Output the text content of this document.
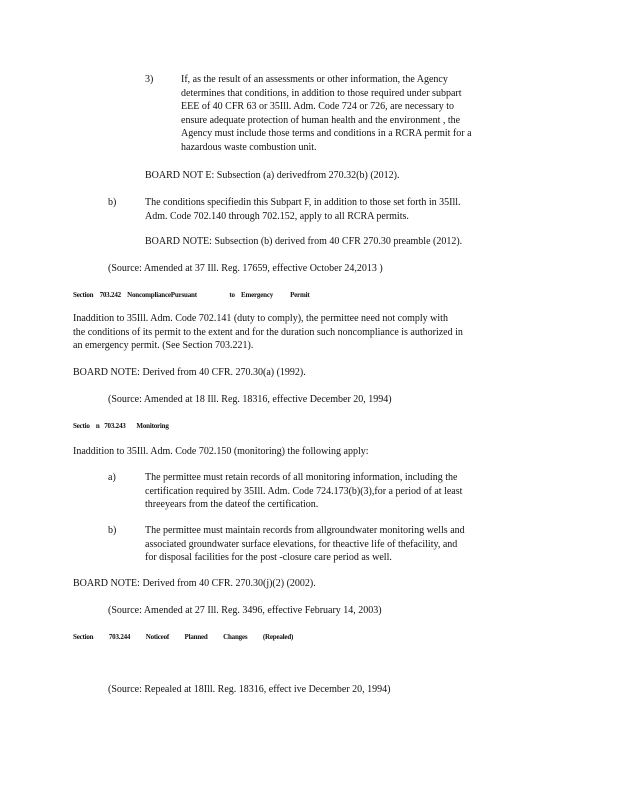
3)	If, as the result of an assessments or other information, the Agency
determines that conditions, in addition to those required under subpart
EEE of 40 CFR 63 or 35Ill. Adm. Code 724 or 726, are necessary to
ensure adequate protection of human health and the environment , the
Agency must include those terms and conditions in a RCRA permit for a
hazardous waste combustion unit.

BOARD NOT E: Subsection (a) derivedfrom 270.32(b) (2012).

b)	The conditions specifiedin this Subpart F, in addition to those set forth in 35Ill.
Adm. Code 702.140 through 702.152, apply to all RCRA permits.

BOARD NOTE: Subsection (b) derived from 40 CFR 270.30 preamble (2012).

(Source: Amended at 37 Ill. Reg. 17659, effective October 24,2013 )

Section    703.242    NoncompliancePursuant                     to    Emergency           Permit
Inaddition to 35Ill. Adm. Code 702.141 (duty to comply), the permittee need not comply with
the conditions of its permit to the extent and for the duration such noncompliance is authorized in
an emergency permit. (See Section 703.221).

BOARD NOTE: Derived from 40 CFR. 270.30(a) (1992).

(Source: Amended at 18 Ill. Reg. 18316, effective December 20, 1994)

Sectio    n   703.243       Monitoring

Inaddition to 35Ill. Adm. Code 702.150 (monitoring) the following apply:

a)	The permittee must retain records of all monitoring information, including the
certification required by 35Ill. Adm. Code 724.173(b)(3),for a period of at least
threeyears from the dateof the certification.
b)	The permittee must maintain records from allgroundwater monitoring wells and
associated groundwater surface elevations, for theactive life of thefacility, and
for disposal facilities for the post -closure care period as well.

BOARD NOTE: Derived from 40 CFR. 270.30(j)(2) (2002).

(Source: Amended at 27 Ill. Reg. 3496, effective February 14, 2003)

Section          703.244          Noticeof          Planned          Changes          (Repealed)

(Source: Repealed at 18Ill. Reg. 18316, effect ive December 20, 1994)
